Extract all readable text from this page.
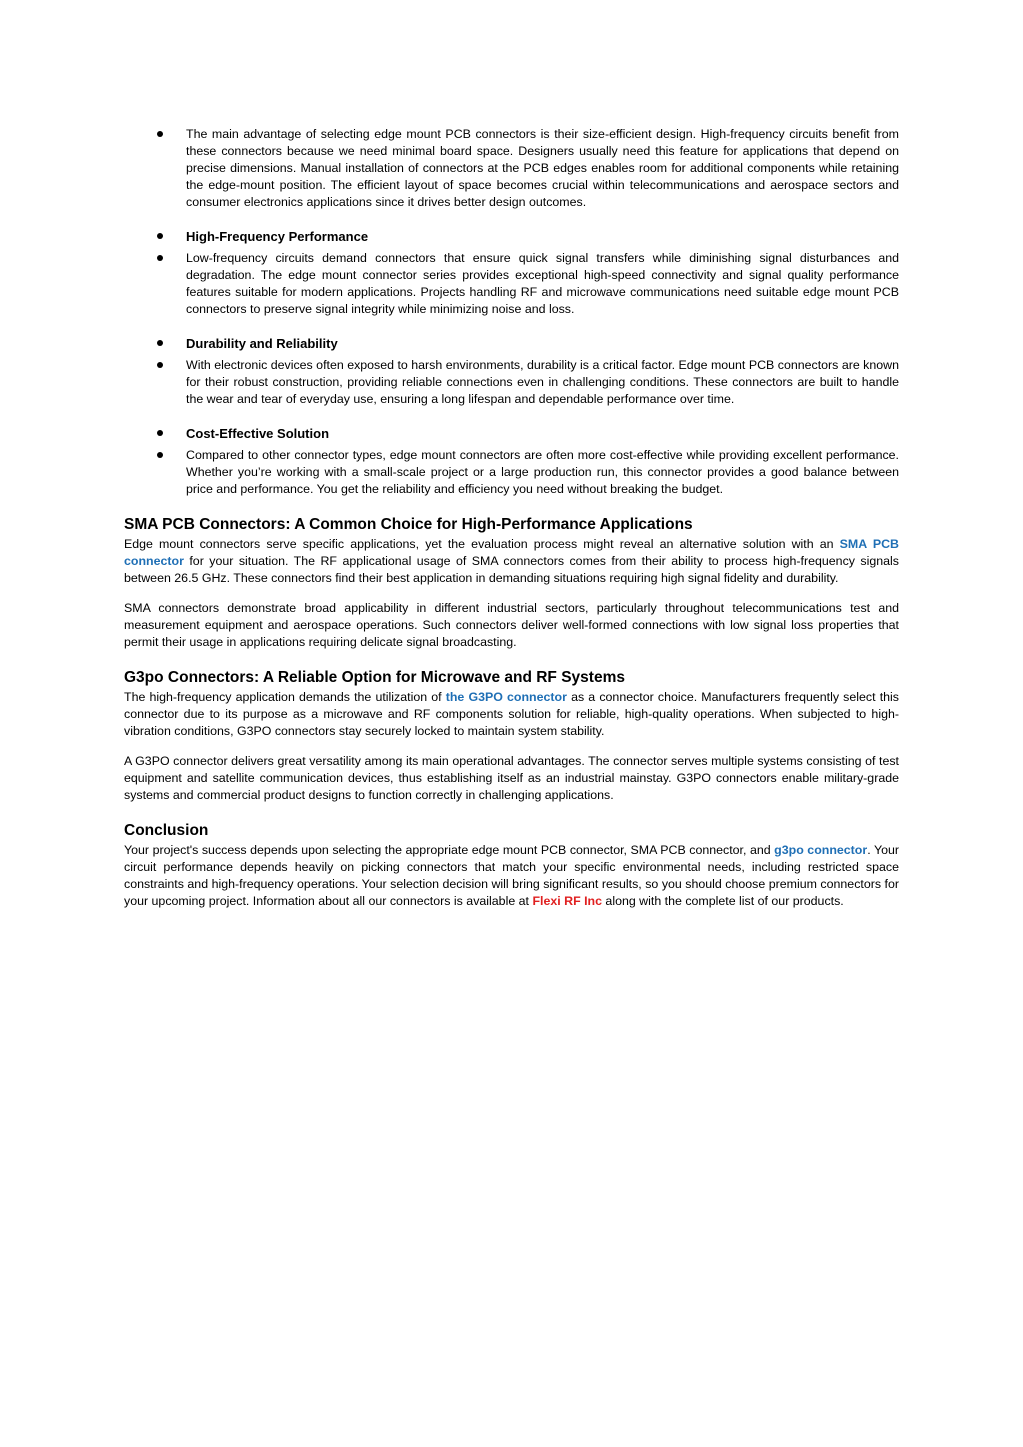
The main advantage of selecting edge mount PCB connectors is their size-efficient design. High-frequency circuits benefit from these connectors because we need minimal board space. Designers usually need this feature for applications that depend on precise dimensions. Manual installation of connectors at the PCB edges enables room for additional components while retaining the edge-mount position. The efficient layout of space becomes crucial within telecommunications and aerospace sectors and consumer electronics applications since it drives better design outcomes.
High-Frequency Performance
Low-frequency circuits demand connectors that ensure quick signal transfers while diminishing signal disturbances and degradation. The edge mount connector series provides exceptional high-speed connectivity and signal quality performance features suitable for modern applications. Projects handling RF and microwave communications need suitable edge mount PCB connectors to preserve signal integrity while minimizing noise and loss.
Durability and Reliability
With electronic devices often exposed to harsh environments, durability is a critical factor. Edge mount PCB connectors are known for their robust construction, providing reliable connections even in challenging conditions. These connectors are built to handle the wear and tear of everyday use, ensuring a long lifespan and dependable performance over time.
Cost-Effective Solution
Compared to other connector types, edge mount connectors are often more cost-effective while providing excellent performance. Whether you’re working with a small-scale project or a large production run, this connector provides a good balance between price and performance. You get the reliability and efficiency you need without breaking the budget.
SMA PCB Connectors: A Common Choice for High-Performance Applications

Edge mount connectors serve specific applications, yet the evaluation process might reveal an alternative solution with an SMA PCB connector for your situation. The RF applicational usage of SMA connectors comes from their ability to process high-frequency signals between 26.5 GHz. These connectors find their best application in demanding situations requiring high signal fidelity and durability.

SMA connectors demonstrate broad applicability in different industrial sectors, particularly throughout telecommunications test and measurement equipment and aerospace operations. Such connectors deliver well-formed connections with low signal loss properties that permit their usage in applications requiring delicate signal broadcasting.

G3po Connectors: A Reliable Option for Microwave and RF Systems

The high-frequency application demands the utilization of the G3PO connector as a connector choice. Manufacturers frequently select this connector due to its purpose as a microwave and RF components solution for reliable, high-quality operations. When subjected to high-vibration conditions, G3PO connectors stay securely locked to maintain system stability.

A G3PO connector delivers great versatility among its main operational advantages. The connector serves multiple systems consisting of test equipment and satellite communication devices, thus establishing itself as an industrial mainstay. G3PO connectors enable military-grade systems and commercial product designs to function correctly in challenging applications.

Conclusion

Your project's success depends upon selecting the appropriate edge mount PCB connector, SMA PCB connector, and g3po connector. Your circuit performance depends heavily on picking connectors that match your specific environmental needs, including restricted space constraints and high-frequency operations. Your selection decision will bring significant results, so you should choose premium connectors for your upcoming project. Information about all our connectors is available at Flexi RF Inc along with the complete list of our products.
